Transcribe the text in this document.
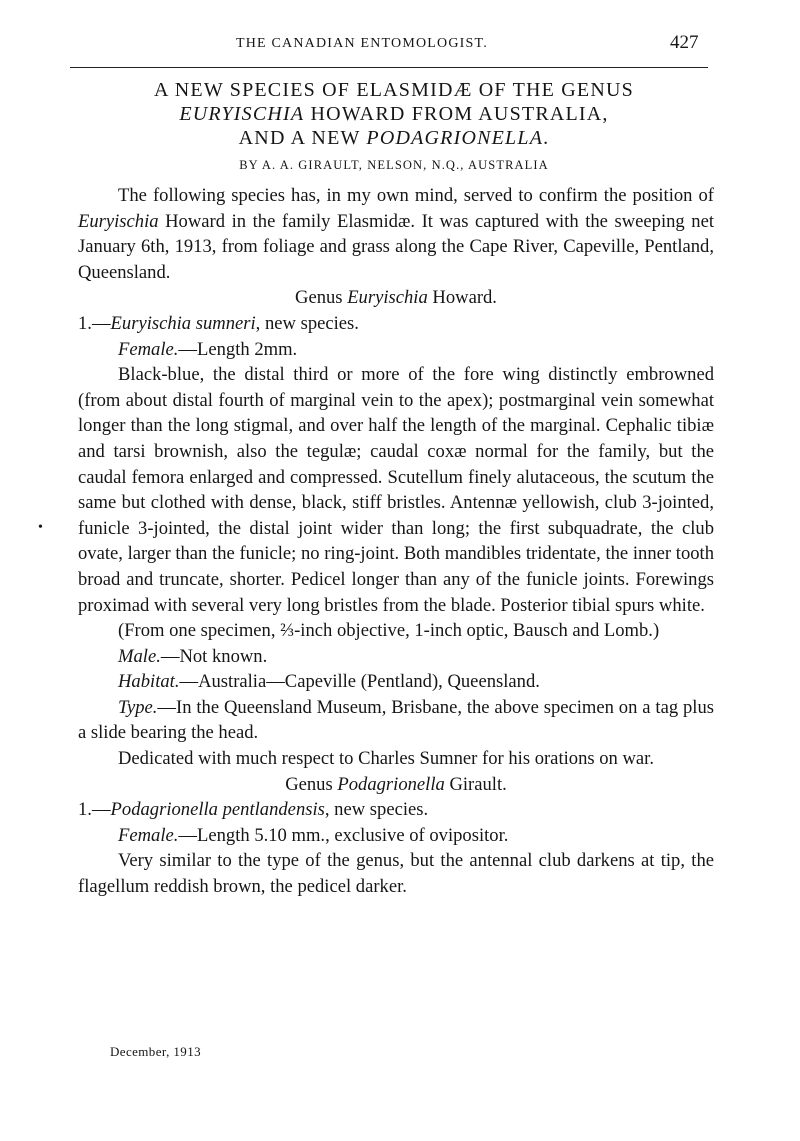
THE CANADIAN ENTOMOLOGIST.	427
A NEW SPECIES OF ELASMIDÆ OF THE GENUS
EURYISCHIA HOWARD FROM AUSTRALIA,
AND A NEW PODAGRIONELLA.
BY A. A. GIRAULT, NELSON, N.Q., AUSTRALIA
•

The following species has, in my own mind, served to confirm the position of Euryischia Howard in the family Elasmidæ. It was captured with the sweeping net January 6th, 1913, from foliage and grass along the Cape River, Capeville, Pentland, Queensland.

Genus Euryischia Howard.

1.—Euryischia sumneri, new species.

Female.—Length 2mm.

Black-blue, the distal third or more of the fore wing distinctly embrowned (from about distal fourth of marginal vein to the apex); postmarginal vein somewhat longer than the long stigmal, and over half the length of the marginal. Cephalic tibiæ and tarsi brownish, also the tegulæ; caudal coxæ normal for the family, but the caudal femora enlarged and compressed. Scutellum finely alutaceous, the scutum the same but clothed with dense, black, stiff bristles. Antennæ yellowish, club 3-jointed, funicle 3-jointed, the distal joint wider than long; the first subquadrate, the club ovate, larger than the funicle; no ring-joint. Both mandibles tridentate, the inner tooth broad and truncate, shorter. Pedicel longer than any of the funicle joints. Forewings proximad with several very long bristles from the blade. Posterior tibial spurs white.

(From one specimen, ⅔-inch objective, 1-inch optic, Bausch and Lomb.)

Male.—Not known.

Habitat.—Australia—Capeville (Pentland), Queensland.

Type.—In the Queensland Museum, Brisbane, the above specimen on a tag plus a slide bearing the head.

Dedicated with much respect to Charles Sumner for his orations on war.

Genus Podagrionella Girault.

1.—Podagrionella pentlandensis, new species.

Female.—Length 5.10 mm., exclusive of ovipositor.

Very similar to the type of the genus, but the antennal club darkens at tip, the flagellum reddish brown, the pedicel darker.

December, 1913
